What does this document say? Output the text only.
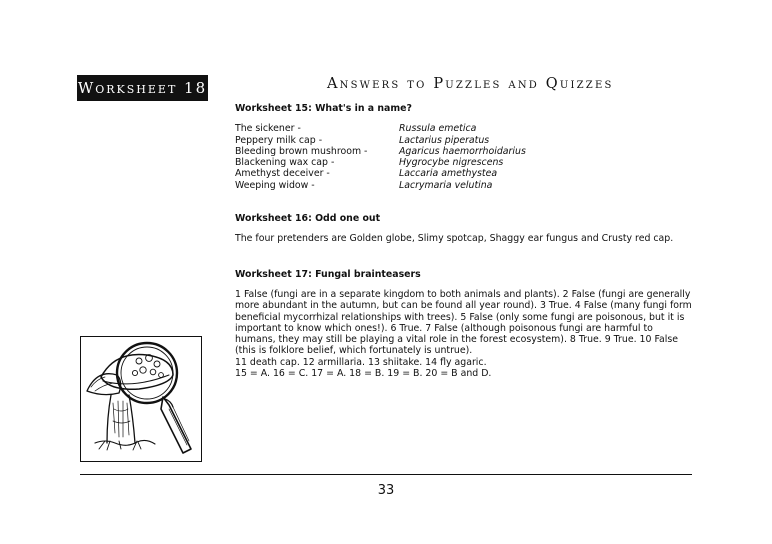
Worksheet 18	Answers to Puzzles and Quizzes
Worksheet 15: What's in a name?
The sickener -	Russula emetica
Peppery milk cap -	Lactarius piperatus
Bleeding brown mushroom -	Agaricus haemorrhoidarius
Blackening wax cap -	Hygrocybe nigrescens
Amethyst deceiver -	Laccaria amethystea
Weeping widow -	Lacrymaria velutina
Worksheet 16: Odd one out

The four pretenders are Golden globe, Slimy spotcap, Shaggy ear fungus and Crusty red cap.

Worksheet 17: Fungal brainteasers
1 False (fungi are in a separate kingdom to both animals and plants). 2 False (fungi are generally
more abundant in the autumn, but can be found all year round). 3 True. 4 False (many fungi form
beneficial mycorrhizal relationships with trees). 5 False (only some fungi are poisonous, but it is
important to know which ones!). 6 True. 7 False (although poisonous fungi are harmful to
humans, they may still be playing a vital role in the forest ecosystem). 8 True. 9 True. 10 False
(this is folklore belief, which fortunately is untrue).
11 death cap. 12 armillaria. 13 shiitake. 14 fly agaric.
15 = A. 16 = C. 17 = A. 18 = B. 19 = B. 20 = B and D.
33
